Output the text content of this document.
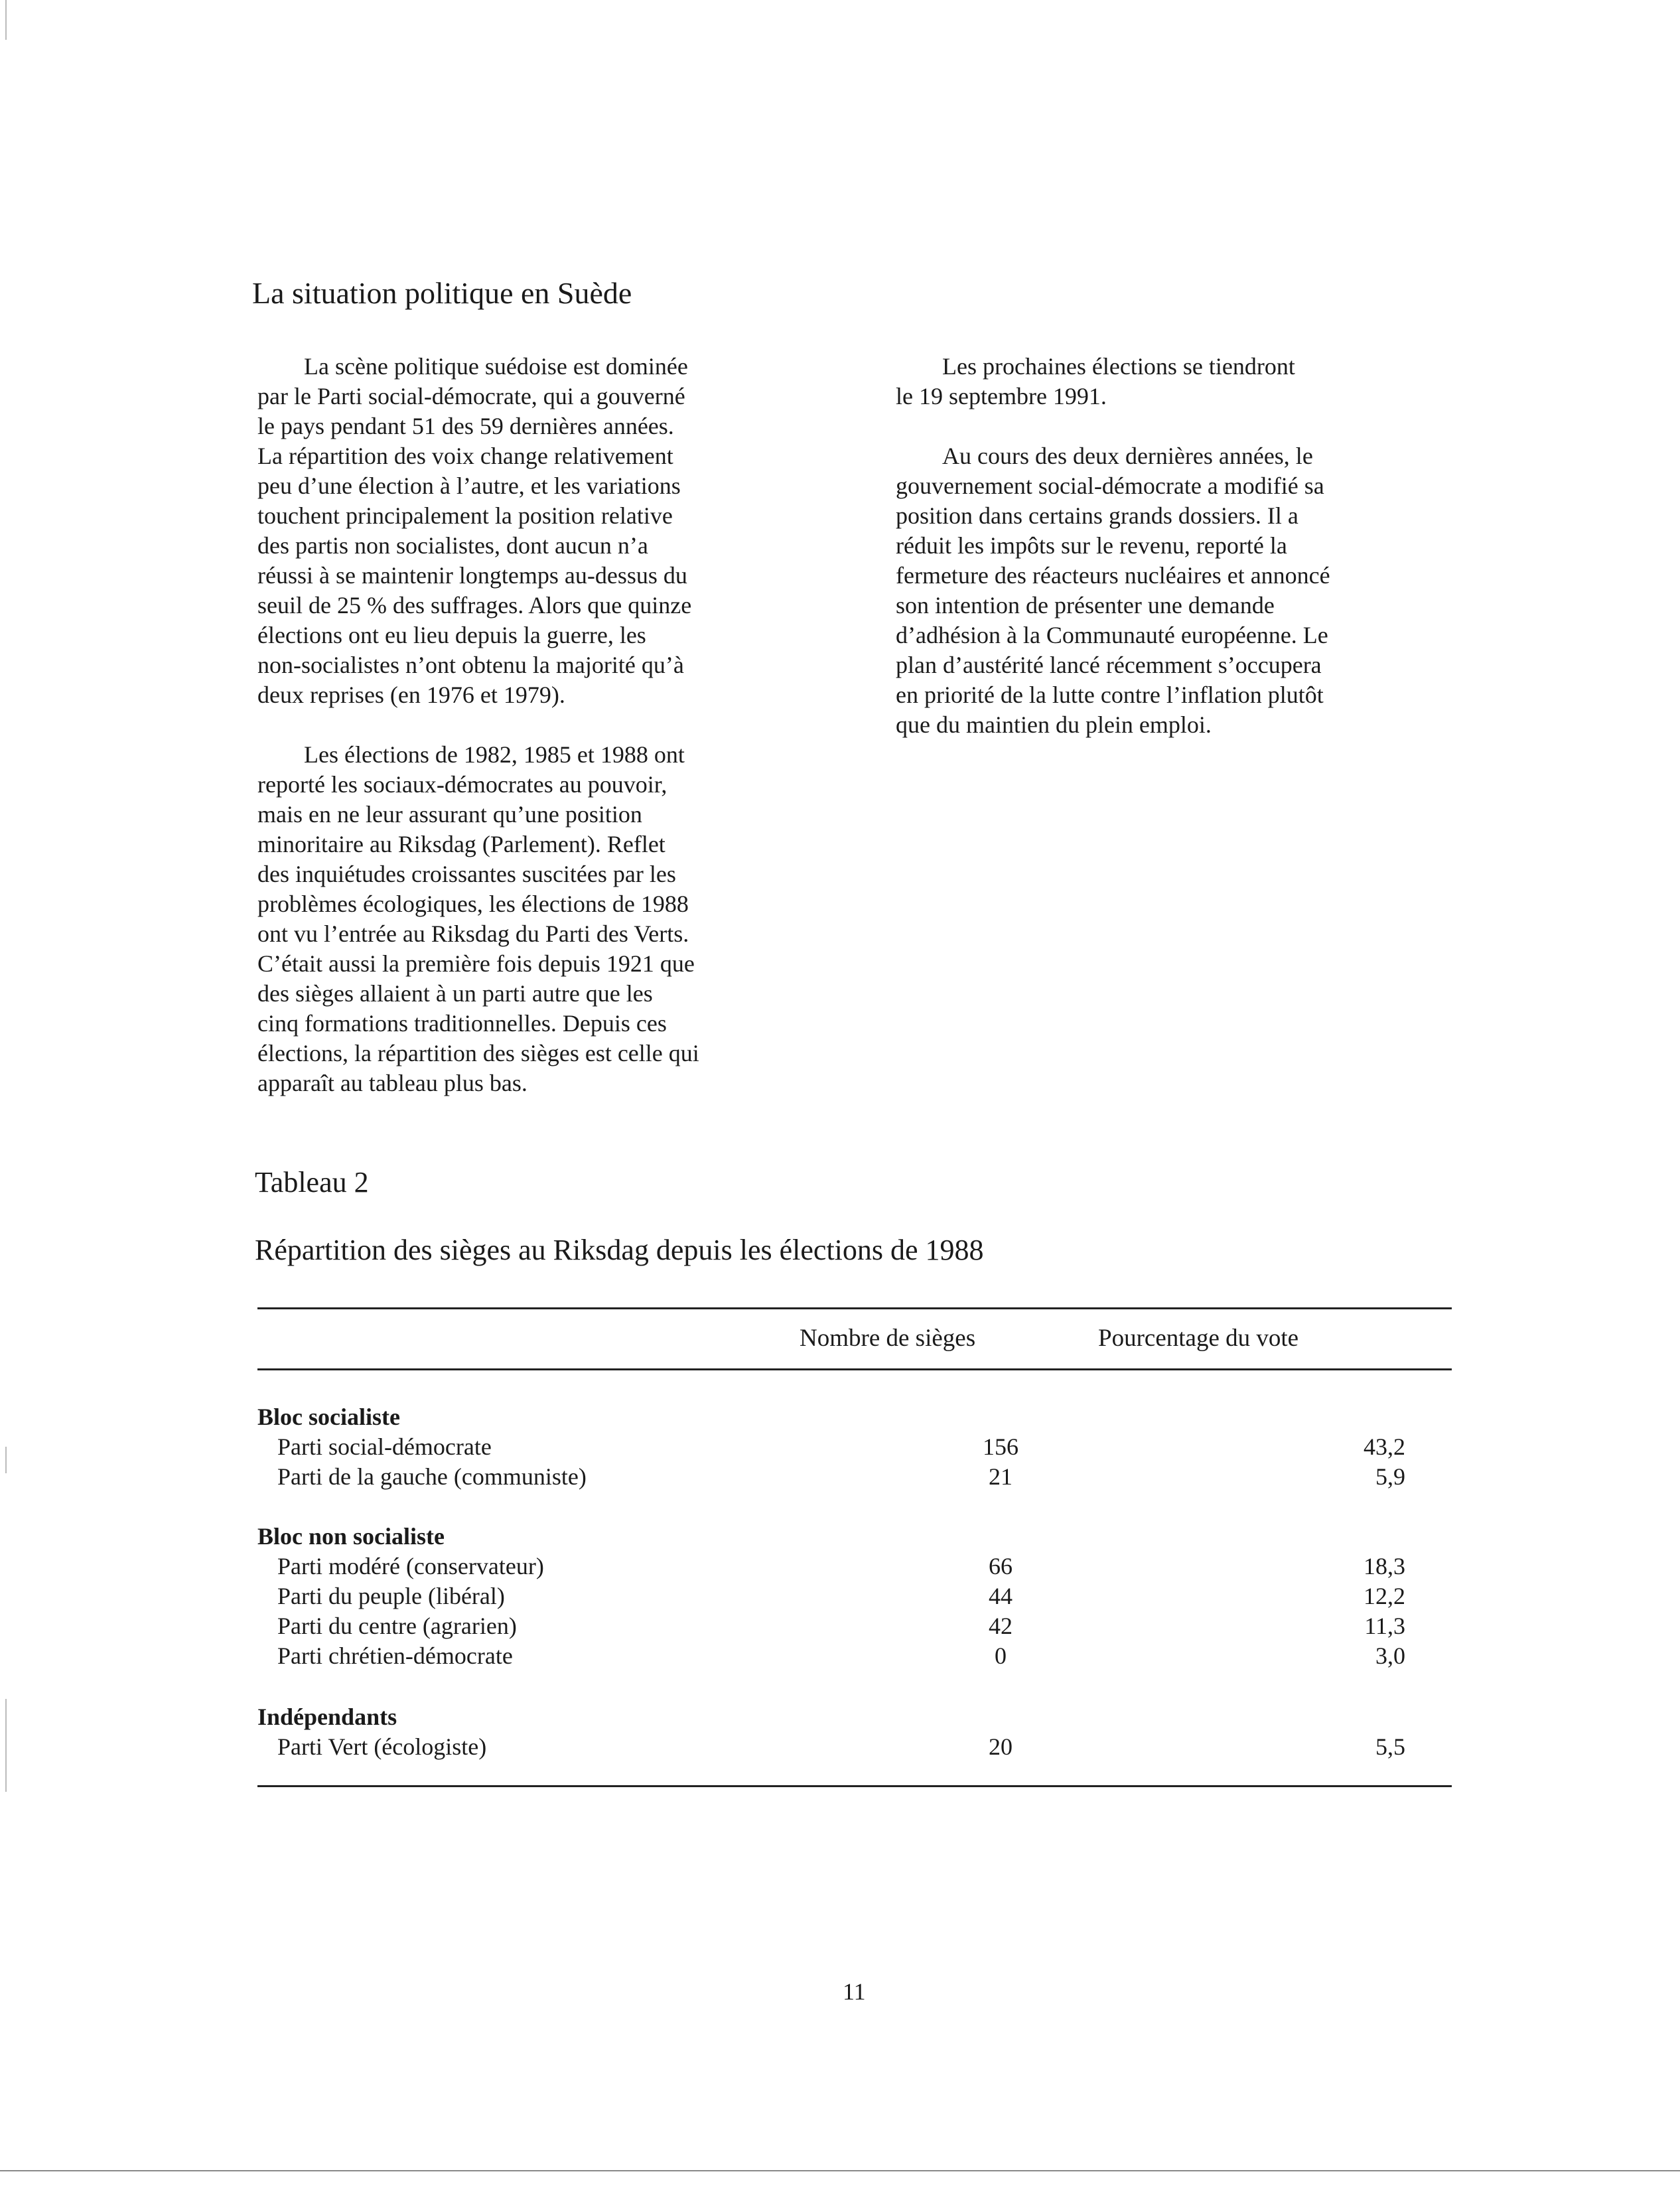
La situation politique en Suède

La scène politique suédoise est dominée
par le Parti social-démocrate, qui a gouverné
le pays pendant 51 des 59 dernières années.
La répartition des voix change relativement
peu d’une élection à l’autre, et les variations
touchent principalement la position relative
des partis non socialistes, dont aucun n’a
réussi à se maintenir longtemps au-dessus du
seuil de 25 % des suffrages. Alors que quinze
élections ont eu lieu depuis la guerre, les
non-socialistes n’ont obtenu la majorité qu’à
deux reprises (en 1976 et 1979).

Les élections de 1982, 1985 et 1988 ont
reporté les sociaux-démocrates au pouvoir,
mais en ne leur assurant qu’une position
minoritaire au Riksdag (Parlement). Reflet
des inquiétudes croissantes suscitées par les
problèmes écologiques, les élections de 1988
ont vu l’entrée au Riksdag du Parti des Verts.
C’était aussi la première fois depuis 1921 que
des sièges allaient à un parti autre que les
cinq formations traditionnelles. Depuis ces
élections, la répartition des sièges est celle qui
apparaît au tableau plus bas.

Les prochaines élections se tiendront
le 19 septembre 1991.

Au cours des deux dernières années, le
gouvernement social-démocrate a modifié sa
position dans certains grands dossiers. Il a
réduit les impôts sur le revenu, reporté la
fermeture des réacteurs nucléaires et annoncé
son intention de présenter une demande
d’adhésion à la Communauté européenne. Le
plan d’austérité lancé récemment s’occupera
en priorité de la lutte contre l’inflation plutôt
que du maintien du plein emploi.

Tableau 2
Répartition des sièges au Riksdag depuis les élections de 1988
Nombre de sièges	Pourcentage du vote
Bloc socialiste
Parti social-démocrate	156	43,2
Parti de la gauche (communiste)	21	5,9
Bloc non socialiste
Parti modéré (conservateur)	66	18,3
Parti du peuple (libéral)	44	12,2
Parti du centre (agrarien)	42	11,3
Parti chrétien-démocrate	0	3,0
Indépendants
Parti Vert (écologiste)	20	5,5
11
